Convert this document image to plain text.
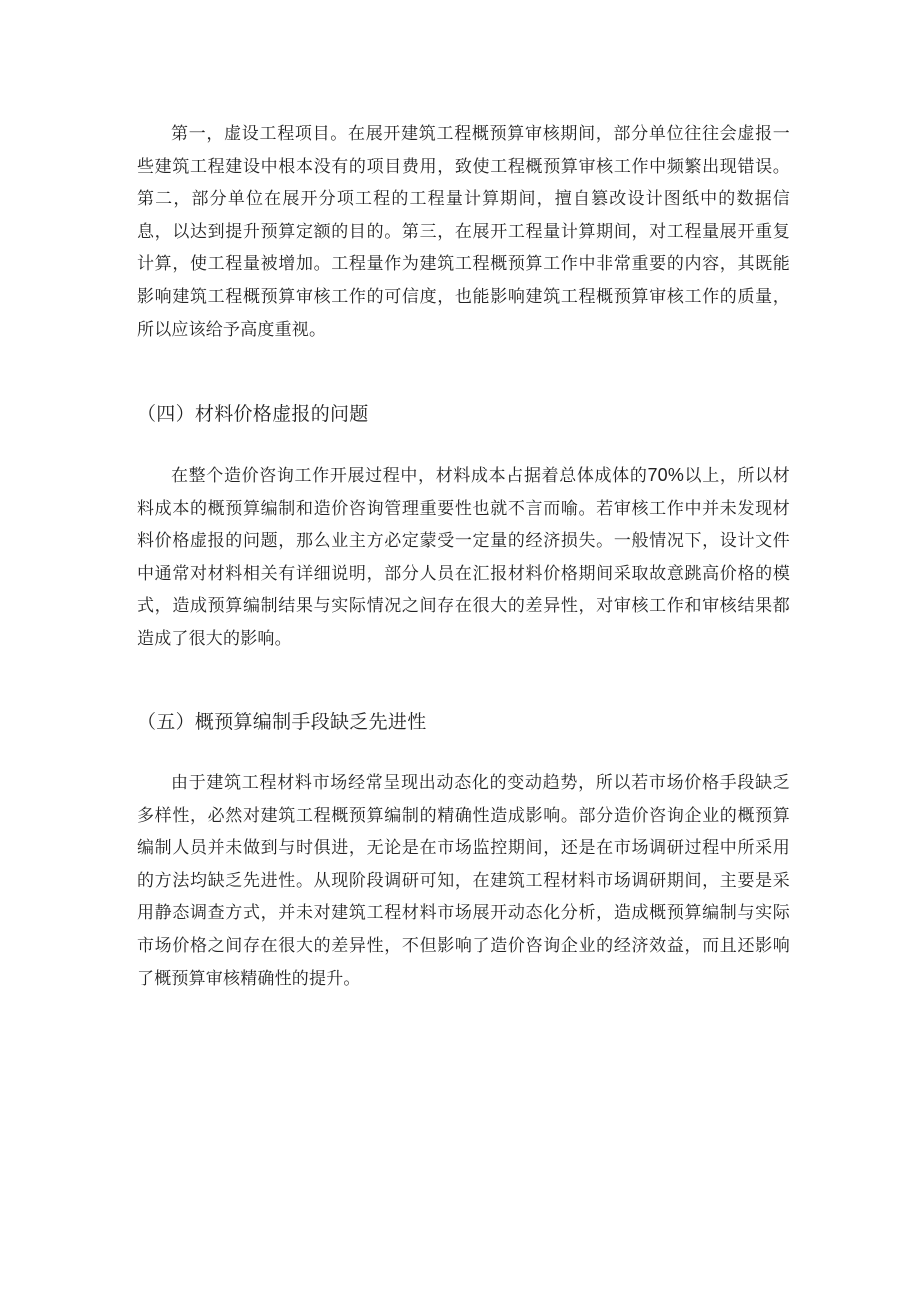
第一，虚设工程项目。在展开建筑工程概预算审核期间，部分单位往往会虚报一些建筑工程建设中根本没有的项目费用，致使工程概预算审核工作中频繁出现错误。第二，部分单位在展开分项工程的工程量计算期间，擅自篡改设计图纸中的数据信息，以达到提升预算定额的目的。第三，在展开工程量计算期间，对工程量展开重复计算，使工程量被增加。工程量作为建筑工程概预算工作中非常重要的内容，其既能影响建筑工程概预算审核工作的可信度，也能影响建筑工程概预算审核工作的质量，所以应该给予高度重视。

（四）材料价格虚报的问题

在整个造价咨询工作开展过程中，材料成本占据着总体成体的70%以上，所以材料成本的概预算编制和造价咨询管理重要性也就不言而喻。若审核工作中并未发现材料价格虚报的问题，那么业主方必定蒙受一定量的经济损失。一般情况下，设计文件中通常对材料相关有详细说明，部分人员在汇报材料价格期间采取故意跳高价格的模式，造成预算编制结果与实际情况之间存在很大的差异性，对审核工作和审核结果都造成了很大的影响。

（五）概预算编制手段缺乏先进性

由于建筑工程材料市场经常呈现出动态化的变动趋势，所以若市场价格手段缺乏多样性，必然对建筑工程概预算编制的精确性造成影响。部分造价咨询企业的概预算编制人员并未做到与时俱进，无论是在市场监控期间，还是在市场调研过程中所采用的方法均缺乏先进性。从现阶段调研可知，在建筑工程材料市场调研期间，主要是采用静态调查方式，并未对建筑工程材料市场展开动态化分析，造成概预算编制与实际市场价格之间存在很大的差异性，不但影响了造价咨询企业的经济效益，而且还影响了概预算审核精确性的提升。
